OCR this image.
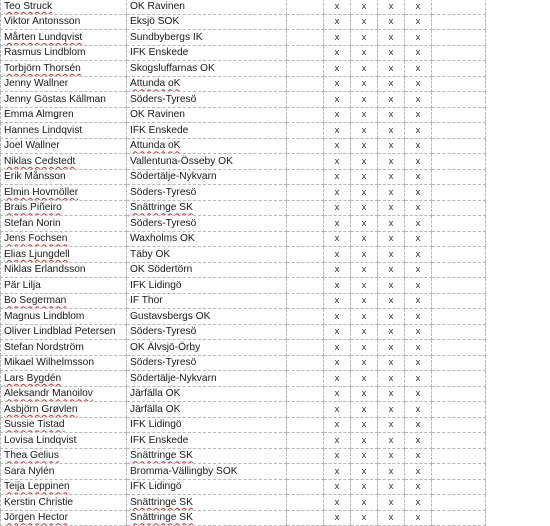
Teo Struck	OK Ravinen		x	x	x	x	
Viktor Antonsson	Eksjö SOK		x	x	x	x	
Mårten Lundqvist	Sundbybergs IK		x	x	x	x	
Rasmus Lindblom	IFK Enskede		x	x	x	x	
Torbjörn Thorsén	Skogsluffarnas OK		x	x	x	x	
Jenny Wallner	Attunda oK		x	x	x	x	
Jenny Göstas Källman	Söders-Tyresö		x	x	x	x	
Emma Almgren	OK Ravinen		x	x	x	x	
Hannes Lindqvist	IFK Enskede		x	x	x	x	
Joel Wallner	Attunda oK		x	x	x	x	
Niklas Cedstedt	Vallentuna-Össeby OK		x	x	x	x	
Erik Månsson	Södertälje-Nykvarn		x	x	x	x	
Elmin Hovmöller	Söders-Tyresö		x	x	x	x	
Brais Piñeiro	Snättringe SK		x	x	x	x	
Stefan Norin	Söders-Tyresö		x	x	x	x	
Jens Fochsen	Waxholms OK		x	x	x	x	
Elias Ljungdell	Täby OK		x	x	x	x	
Niklas Erlandsson	OK Södertörn		x	x	x	x	
Pär Lilja	IFK Lidingö		x	x	x	x	
Bo Segerman	IF Thor		x	x	x	x	
Magnus Lindblom	Gustavsbergs OK		x	x	x	x	
Oliver Lindblad Petersen	Söders-Tyresö		x	x	x	x	
Stefan Nordström	OK Älvsjö-Örby		x	x	x	x	
Mikael Wilhelmsson	Söders-Tyresö		x	x	x	x	
Lars Bygdén	Södertälje-Nykvarn		x	x	x	x	
Aleksandr Manoilov	Järfälla OK		x	x	x	x	
Asbjörn Grøvlen	Järfälla OK		x	x	x	x	
Sussie Tistad	IFK Lidingö		x	x	x	x	
Lovisa Lindqvist	IFK Enskede		x	x	x	x	
Thea Gelius	Snättringe SK		x	x	x	x	
Sara Nylén	Bromma-Vällingby SOK		x	x	x	x	
Teija Leppinen	IFK Lidingö		x	x	x	x	
Kerstin Christie	Snättringe SK		x	x	x	x	
Jörgen Hector	Snättringe SK		x	x	x	x	
